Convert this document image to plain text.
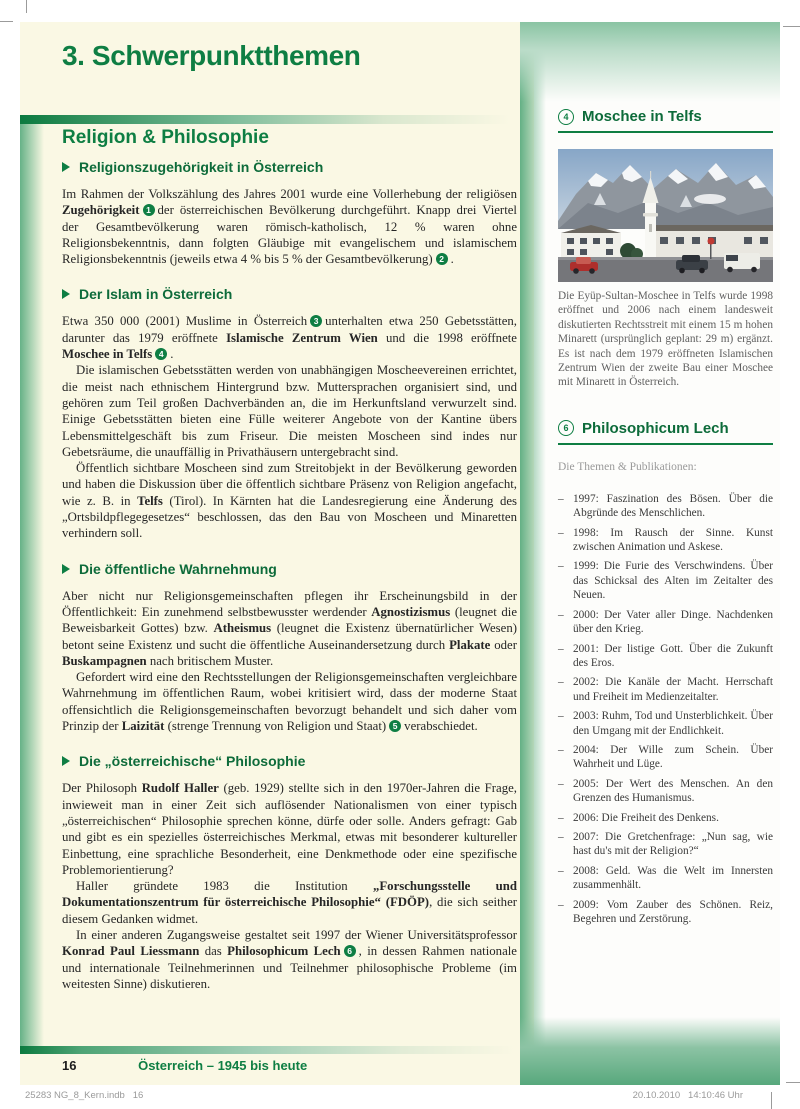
3. Schwerpunktthemen
Religion & Philosophie
Religionszugehörigkeit in Österreich

Im Rahmen der Volkszählung des Jahres 2001 wurde eine Vollerhebung der religiösen Zugehörigkeit 1 der österreichischen Bevölkerung durchgeführt. Knapp drei Viertel der Gesamtbevölkerung waren römisch-katholisch, 12 % waren ohne Religionsbekenntnis, dann folgten Gläubige mit evangelischem und islamischem Religionsbekenntnis (jeweils etwa 4 % bis 5 % der Gesamtbevölkerung) 2 .

Der Islam in Österreich

Etwa 350 000 (2001) Muslime in Österreich 3 unterhalten etwa 250 Gebetsstätten, darunter das 1979 eröffnete Islamische Zentrum Wien und die 1998 eröffnete Moschee in Telfs 4 .

Die islamischen Gebetsstätten werden von unabhängigen Moscheevereinen errichtet, die meist nach ethnischem Hintergrund bzw. Muttersprachen organisiert sind, und gehören zum Teil großen Dachverbänden an, die im Herkunftsland verwurzelt sind. Einige Gebetsstätten bieten eine Fülle weiterer Angebote von der Kantine übers Lebensmittelgeschäft bis zum Friseur. Die meisten Moscheen sind indes nur Gebetsräume, die unauffällig in Privathäusern untergebracht sind.

Öffentlich sichtbare Moscheen sind zum Streitobjekt in der Bevölkerung geworden und haben die Diskussion über die öffentlich sichtbare Präsenz von Religion angefacht, wie z. B. in Telfs (Tirol). In Kärnten hat die Landesregierung eine Änderung des „Ortsbildpflegegesetzes“ beschlossen, das den Bau von Moscheen und Minaretten verhindern soll.

Die öffentliche Wahrnehmung

Aber nicht nur Religionsgemeinschaften pflegen ihr Erscheinungsbild in der Öffentlichkeit: Ein zunehmend selbstbewusster werdender Agnostizismus (leugnet die Beweisbarkeit Gottes) bzw. Atheismus (leugnet die Existenz übernatürlicher Wesen) betont seine Existenz und sucht die öffentliche Auseinandersetzung durch Plakate oder Buskampagnen nach britischem Muster.

Gefordert wird eine den Rechtsstellungen der Religionsgemeinschaften vergleichbare Wahrnehmung im öffentlichen Raum, wobei kritisiert wird, dass der moderne Staat offensichtlich die Religionsgemeinschaften bevorzugt behandelt und sich daher vom Prinzip der Laizität (strenge Trennung von Religion und Staat) 5 verabschiedet.

Die „österreichische“ Philosophie

Der Philosoph Rudolf Haller (geb. 1929) stellte sich in den 1970er-Jahren die Frage, inwieweit man in einer Zeit sich auflösender Nationalismen von einer typisch „österreichischen“ Philosophie sprechen könne, dürfe oder solle. Anders gefragt: Gab und gibt es ein spezielles österreichisches Merkmal, etwas mit besonderer kultureller Einbettung, eine sprachliche Besonderheit, eine Denkmethode oder eine spezifische Problemorientierung?

Haller gründete 1983 die Institution „Forschungsstelle und Dokumentationszentrum für österreichische Philosophie“ (FDÖP), die sich seither diesem Gedanken widmet.

In einer anderen Zugangsweise gestaltet seit 1997 der Wiener Universitätsprofessor Konrad Paul Liessmann das Philosophicum Lech 6 , in dessen Rahmen nationale und internationale Teilnehmerinnen und Teilnehmer philosophische Probleme (im weitesten Sinne) diskutieren.

4 Moschee in Telfs

Die Eyüp-Sultan-Moschee in Telfs wurde 1998 eröffnet und 2006 nach einem landesweit diskutierten Rechtsstreit mit einem 15 m hohen Minarett (ursprünglich geplant: 29 m) ergänzt. Es ist nach dem 1979 eröffneten Islamischen Zentrum Wien der zweite Bau einer Moschee mit Minarett in Österreich.

6 Philosophicum Lech

Die Themen & Publikationen:

– 1997: Faszination des Bösen. Über die Abgründe des Menschlichen.
– 1998: Im Rausch der Sinne. Kunst zwischen Animation und Askese.
– 1999: Die Furie des Verschwindens. Über das Schicksal des Alten im Zeitalter des Neuen.
– 2000: Der Vater aller Dinge. Nachdenken über den Krieg.
– 2001: Der listige Gott. Über die Zukunft des Eros.
– 2002: Die Kanäle der Macht. Herrschaft und Freiheit im Medienzeitalter.
– 2003: Ruhm, Tod und Unsterblichkeit. Über den Umgang mit der Endlichkeit.
– 2004: Der Wille zum Schein. Über Wahrheit und Lüge.
– 2005: Der Wert des Menschen. An den Grenzen des Humanismus.
– 2006: Die Freiheit des Denkens.
– 2007: Die Gretchenfrage: „Nun sag, wie hast du's mit der Religion?“
– 2008: Geld. Was die Welt im Innersten zusammenhält.
– 2009: Vom Zauber des Schönen. Reiz, Begehren und Zerstörung.
16	Österreich – 1945 bis heute
25283 NG_8_Kern.indb   16	20.10.2010   14:10:46 Uhr
